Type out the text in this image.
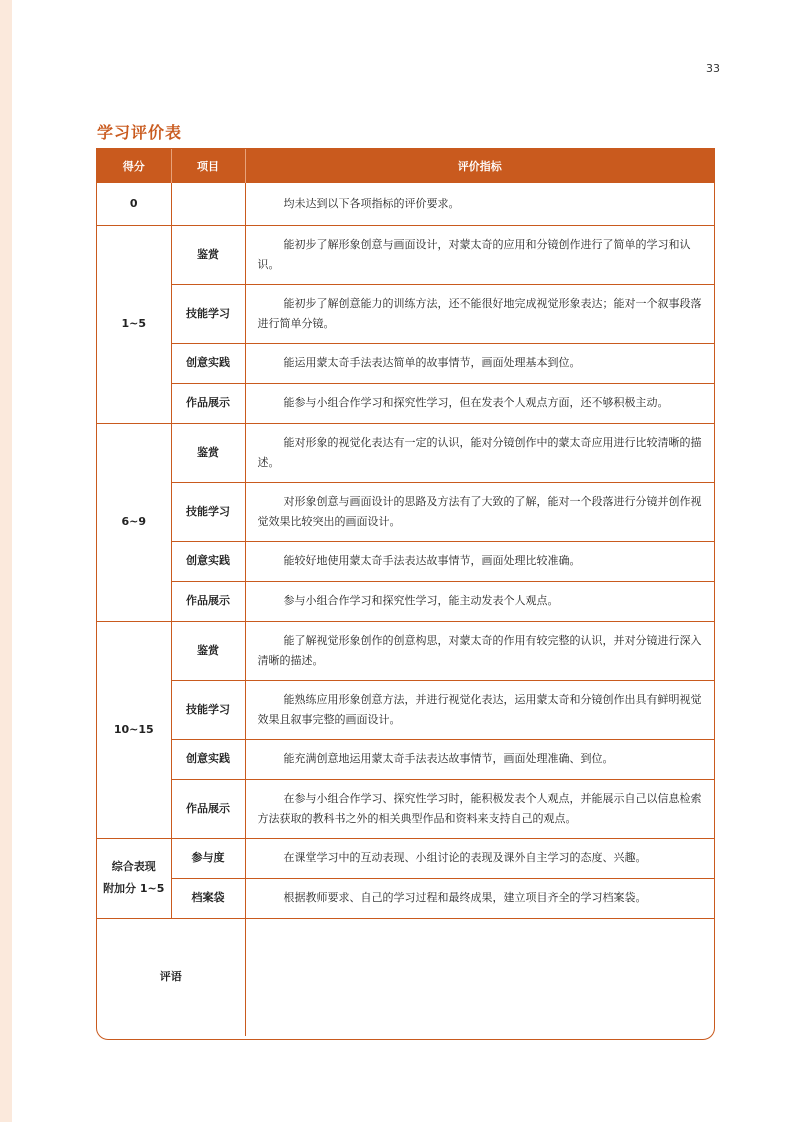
33
学习评价表
得分	项目	评价指标
0		均未达到以下各项指标的评价要求。
1~5	鉴赏	能初步了解形象创意与画面设计，对蒙太奇的应用和分镜创作进行了简单的学习和认识。
	技能学习	能初步了解创意能力的训练方法，还不能很好地完成视觉形象表达；能对一个叙事段落进行简单分镜。
	创意实践	能运用蒙太奇手法表达简单的故事情节，画面处理基本到位。
	作品展示	能参与小组合作学习和探究性学习，但在发表个人观点方面，还不够积极主动。
6~9	鉴赏	能对形象的视觉化表达有一定的认识，能对分镜创作中的蒙太奇应用进行比较清晰的描述。
	技能学习	对形象创意与画面设计的思路及方法有了大致的了解，能对一个段落进行分镜并创作视觉效果比较突出的画面设计。
	创意实践	能较好地使用蒙太奇手法表达故事情节，画面处理比较准确。
	作品展示	参与小组合作学习和探究性学习，能主动发表个人观点。
10~15	鉴赏	能了解视觉形象创作的创意构思，对蒙太奇的作用有较完整的认识，并对分镜进行深入清晰的描述。
	技能学习	能熟练应用形象创意方法，并进行视觉化表达，运用蒙太奇和分镜创作出具有鲜明视觉效果且叙事完整的画面设计。
	创意实践	能充满创意地运用蒙太奇手法表达故事情节，画面处理准确、到位。
	作品展示	在参与小组合作学习、探究性学习时，能积极发表个人观点，并能展示自己以信息检索方法获取的教科书之外的相关典型作品和资料来支持自己的观点。
综合表现
附加分 1~5	参与度	在课堂学习中的互动表现、小组讨论的表现及课外自主学习的态度、兴趣。
	档案袋	根据教师要求、自己的学习过程和最终成果，建立项目齐全的学习档案袋。
评语		
